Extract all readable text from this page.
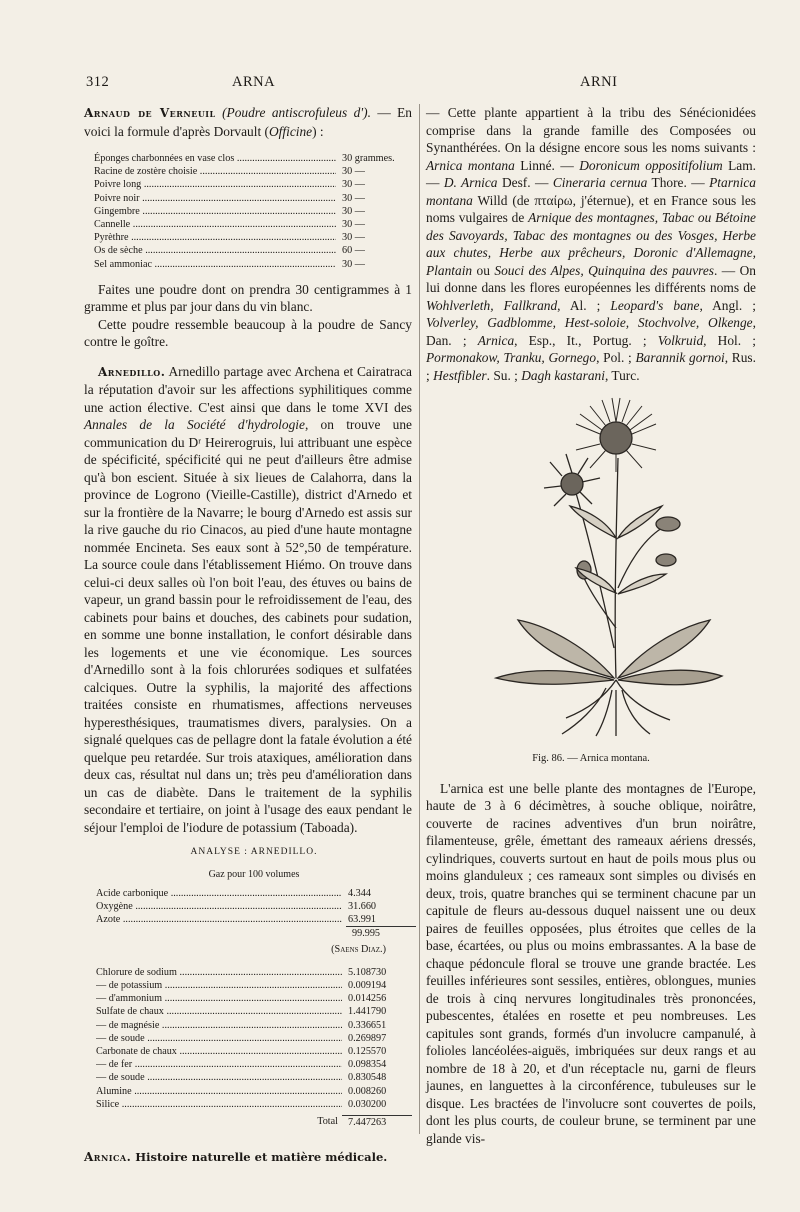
312	ARNA	ARNI

Arnaud de Verneuil (Poudre antiscrofuleus d'). — En voici la formule d'après Dorvault (Officine) :

Éponges charbonnées en vase clos .....	30 grammes.
Racine de zostère choisie .....	30 —
Poivre long .....	30 —
Poivre noir .....	30 —
Gingembre .....	30 —
Cannelle .....	30 —
Pyrèthre .....	30 —
Os de sèche .....	60 —
Sel ammoniac .....	30 —

Faites une poudre dont on prendra 30 centigrammes à 1 gramme et plus par jour dans du vin blanc.

Cette poudre ressemble beaucoup à la poudre de Sancy contre le goître.

Arnedillo. Arnedillo partage avec Archena et Cairatraca la réputation d'avoir sur les affections syphilitiques comme une action élective. C'est ainsi que dans le tome XVI des Annales de la Société d'hydrologie, on trouve une communication du Dʳ Heirerogruis, lui attribuant une espèce de spécificité, spécificité qui ne peut d'ailleurs être admise qu'à bon escient. Située à six lieues de Calahorra, dans la province de Logrono (Vieille-Castille), district d'Arnedo et sur la frontière de la Navarre; le bourg d'Arnedo est assis sur la rive gauche du rio Cinacos, au pied d'une haute montagne nommée Encineta. Ses eaux sont à 52°,50 de température. La source coule dans l'établissement Hiémo. On trouve dans celui-ci deux salles où l'on boit l'eau, des étuves ou bains de vapeur, un grand bassin pour le refroidissement de l'eau, des cabinets pour bains et douches, des cabinets pour sudation, en somme une bonne installation, le confort désirable dans les logements et une vie économique. Les sources d'Arnedillo sont à la fois chlorurées sodiques et sulfatées calciques. Outre la syphilis, la majorité des affections traitées consiste en rhumatismes, affections nerveuses hyperesthésiques, traumatismes divers, paralysies. On a signalé quelques cas de pellagre dont la fatale évolution a été quelque peu retardée. Sur trois ataxiques, amélioration dans deux cas, résultat nul dans un; très peu d'amélioration dans un cas de diabète. Dans le traitement de la syphilis secondaire et tertiaire, on joint à l'usage des eaux pendant le séjour l'emploi de l'iodure de potassium (Taboada).

ANALYSE : ARNEDILLO.
Gaz pour 100 volumes
Acide carbonique .....	4.344
Oxygène .....	31.660
Azote .....	63.991
99.995
(Saens Diaz.)
Chlorure de sodium .....	5.108730
— de potassium .....	0.009194
— d'ammonium .....	0.014256
Sulfate de chaux .....	1.441790
— de magnésie .....	0.336651
— de soude .....	0.269897
Carbonate de chaux .....	0.125570
— de fer .....	0.098354
— de soude .....	0.830548
Alumine .....	0.008260
Silice .....	0.030200
Total 7.447263

Arnica. Histoire naturelle et matière médicale.

— Cette plante appartient à la tribu des Sénécionidées comprise dans la grande famille des Composées ou Synanthérées. On la désigne encore sous les noms suivants : Arnica montana Linné. — Doronicum oppositifolium Lam. — D. Arnica Desf. — Cineraria cernua Thore. — Ptarnica montana Willd (de πταίρω, j'éternue), et en France sous les noms vulgaires de Arnique des montagnes, Tabac ou Bétoine des Savoyards, Tabac des montagnes ou des Vosges, Herbe aux chutes, Herbe aux prêcheurs, Doronic d'Allemagne, Plantain ou Souci des Alpes, Quinquina des pauvres. — On lui donne dans les flores européennes les différents noms de Wohlverleth, Fallkrand, Al. ; Leopard's bane, Angl. ; Volverley, Gadblomme, Hest-soloie, Stochvolve, Olkenge, Dan. ; Arnica, Esp., It., Portug. ; Volkruid, Hol. ; Pormonakow, Tranku, Gornego, Pol. ; Barannik gornoi, Rus. ; Hestfibler. Su. ; Dagh kastarani, Turc.

Fig. 86. — Arnica montana.

L'arnica est une belle plante des montagnes de l'Europe, haute de 3 à 6 décimètres, à souche oblique, noirâtre, couverte de racines adventives d'un brun noirâtre, filamenteuse, grêle, émettant des rameaux aériens dressés, cylindriques, couverts surtout en haut de poils mous plus ou moins glanduleux ; ces rameaux sont simples ou divisés en deux, trois, quatre branches qui se terminent chacune par un capitule de fleurs au-dessous duquel naissent une ou deux paires de feuilles opposées, plus étroites que celles de la base, écartées, ou plus ou moins embrassantes. A la base de chaque pédoncule floral se trouve une grande bractée. Les feuilles inférieures sont sessiles, entières, oblongues, munies de trois à cinq nervures longitudinales très prononcées, pubescentes, étalées en rosette et peu nombreuses. Les capitules sont grands, formés d'un involucre campanulé, à folioles lancéolées-aiguës, imbriquées sur deux rangs et au nombre de 18 à 20, et d'un réceptacle nu, garni de fleurs jaunes, en languettes à la circonférence, tubuleuses sur le disque. Les bractées de l'involucre sont couvertes de poils, dont les plus courts, de couleur brune, se terminent par une glande vis-
